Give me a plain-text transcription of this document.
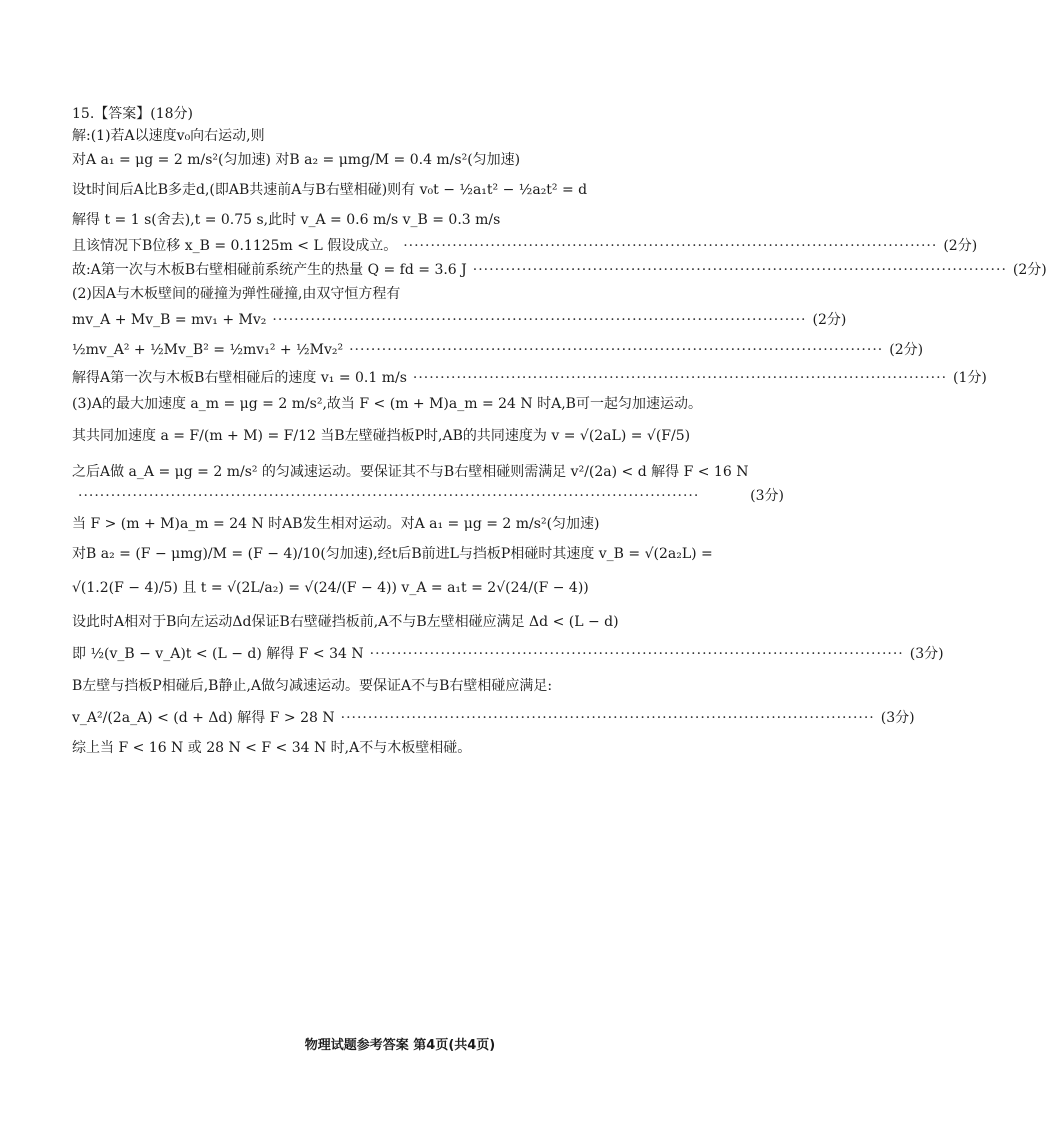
15.【答案】(18分)
解:(1)若A以速度v₀向右运动,则
对A a₁ = μg = 2 m/s²(匀加速) 对B a₂ = μmg/M = 0.4 m/s²(匀加速)
设t时间后A比B多走d,(即AB共速前A与B右壁相碰)则有 v₀t − ½a₁t² − ½a₂t² = d
解得 t = 1 s(舍去),t = 0.75 s,此时 v_A = 0.6 m/s v_B = 0.3 m/s
且该情况下B位移 x_B = 0.1125m < L 假设成立。 ·································································································· (2分)
故:A第一次与木板B右壁相碰前系统产生的热量 Q = fd = 3.6 J ·································································································· (2分)
(2)因A与木板壁间的碰撞为弹性碰撞,由双守恒方程有
mv_A + Mv_B = mv₁ + Mv₂ ·································································································· (2分)
½mv_A² + ½Mv_B² = ½mv₁² + ½Mv₂² ·································································································· (2分)
解得A第一次与木板B右壁相碰后的速度 v₁ = 0.1 m/s ·································································································· (1分)
(3)A的最大加速度 a_m = μg = 2 m/s²,故当 F < (m + M)a_m = 24 N 时A,B可一起匀加速运动。
其共同加速度 a = F/(m + M) = F/12 当B左壁碰挡板P时,AB的共同速度为 v = √(2aL) = √(F/5)
之后A做 a_A = μg = 2 m/s² 的匀减速运动。要保证其不与B右壁相碰则需满足 v²/(2a) < d 解得 F < 16 N
··················································································································	(3分)
当 F > (m + M)a_m = 24 N 时AB发生相对运动。对A a₁ = μg = 2 m/s²(匀加速)
对B a₂ = (F − μmg)/M = (F − 4)/10(匀加速),经t后B前进L与挡板P相碰时其速度 v_B = √(2a₂L) =
√(1.2(F − 4)/5) 且 t = √(2L/a₂) = √(24/(F − 4)) v_A = a₁t = 2√(24/(F − 4))
设此时A相对于B向左运动Δd保证B右壁碰挡板前,A不与B左壁相碰应满足 Δd < (L − d)
即 ½(v_B − v_A)t < (L − d) 解得 F < 34 N ·································································································· (3分)
B左壁与挡板P相碰后,B静止,A做匀减速运动。要保证A不与B右壁相碰应满足:
v_A²/(2a_A) < (d + Δd) 解得 F > 28 N ·································································································· (3分)
综上当 F < 16 N 或 28 N < F < 34 N 时,A不与木板壁相碰。
物理试题参考答案 第4页(共4页)
